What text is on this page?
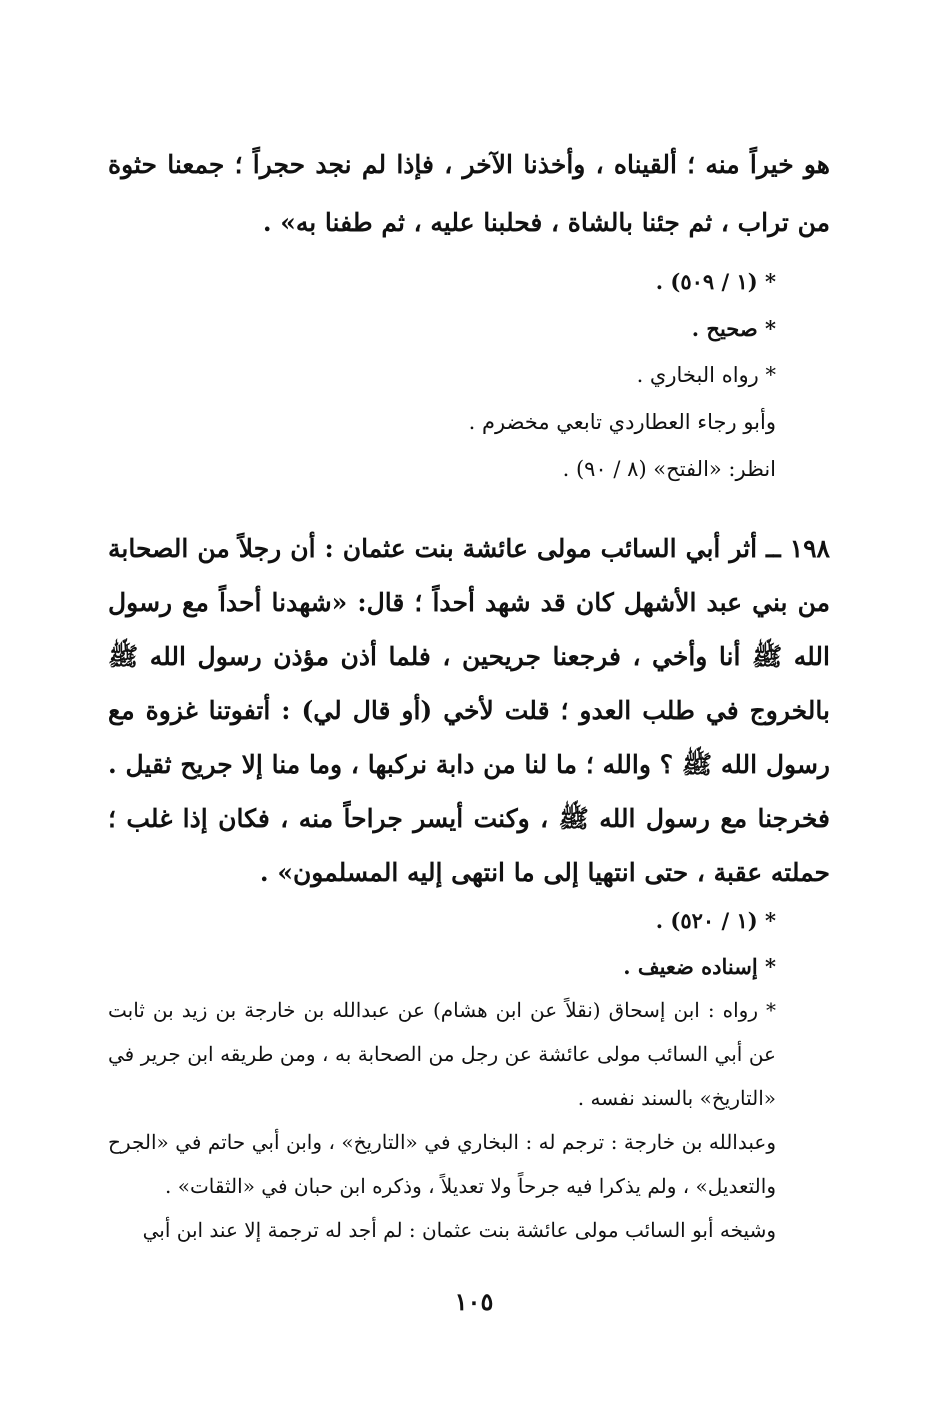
هو خيراً منه ؛ ألقيناه ، وأخذنا الآخر ، فإذا لم نجد حجراً ؛ جمعنا حثوة من تراب ، ثم جئنا بالشاة ، فحلبنا عليه ، ثم طفنا به» .
* (١ / ٥٠٩) .
* صحيح .
* رواه البخاري .
وأبو رجاء العطاردي تابعي مخضرم .
انظر: «الفتح» (٨ / ٩٠) .
١٩٨ ــ أثر أبي السائب مولى عائشة بنت عثمان : أن رجلاً من الصحابة من بني عبد الأشهل كان قد شهد أحداً ؛ قال: «شهدنا أحداً مع رسول الله ﷺ أنا وأخي ، فرجعنا جريحين ، فلما أذن مؤذن رسول الله ﷺ بالخروج في طلب العدو ؛ قلت لأخي (أو قال لي) : أتفوتنا غزوة مع رسول الله ﷺ ؟ والله ؛ ما لنا من دابة نركبها ، وما منا إلا جريح ثقيل . فخرجنا مع رسول الله ﷺ ، وكنت أيسر جراحاً منه ، فكان إذا غلب ؛ حملته عقبة ، حتى انتهيا إلى ما انتهى إليه المسلمون» .
* (١ / ٥٢٠) .
* إسناده ضعيف .
* رواه : ابن إسحاق (نقلاً عن ابن هشام) عن عبدالله بن خارجة بن زيد بن ثابت عن أبي السائب مولى عائشة عن رجل من الصحابة به ، ومن طريقه ابن جرير في «التاريخ» بالسند نفسه .
وعبدالله بن خارجة : ترجم له : البخاري في «التاريخ» ، وابن أبي حاتم في «الجرح والتعديل» ، ولم يذكرا فيه جرحاً ولا تعديلاً ، وذكره ابن حبان في «الثقات» .
وشيخه أبو السائب مولى عائشة بنت عثمان : لم أجد له ترجمة إلا عند ابن أبي
١٠٥
